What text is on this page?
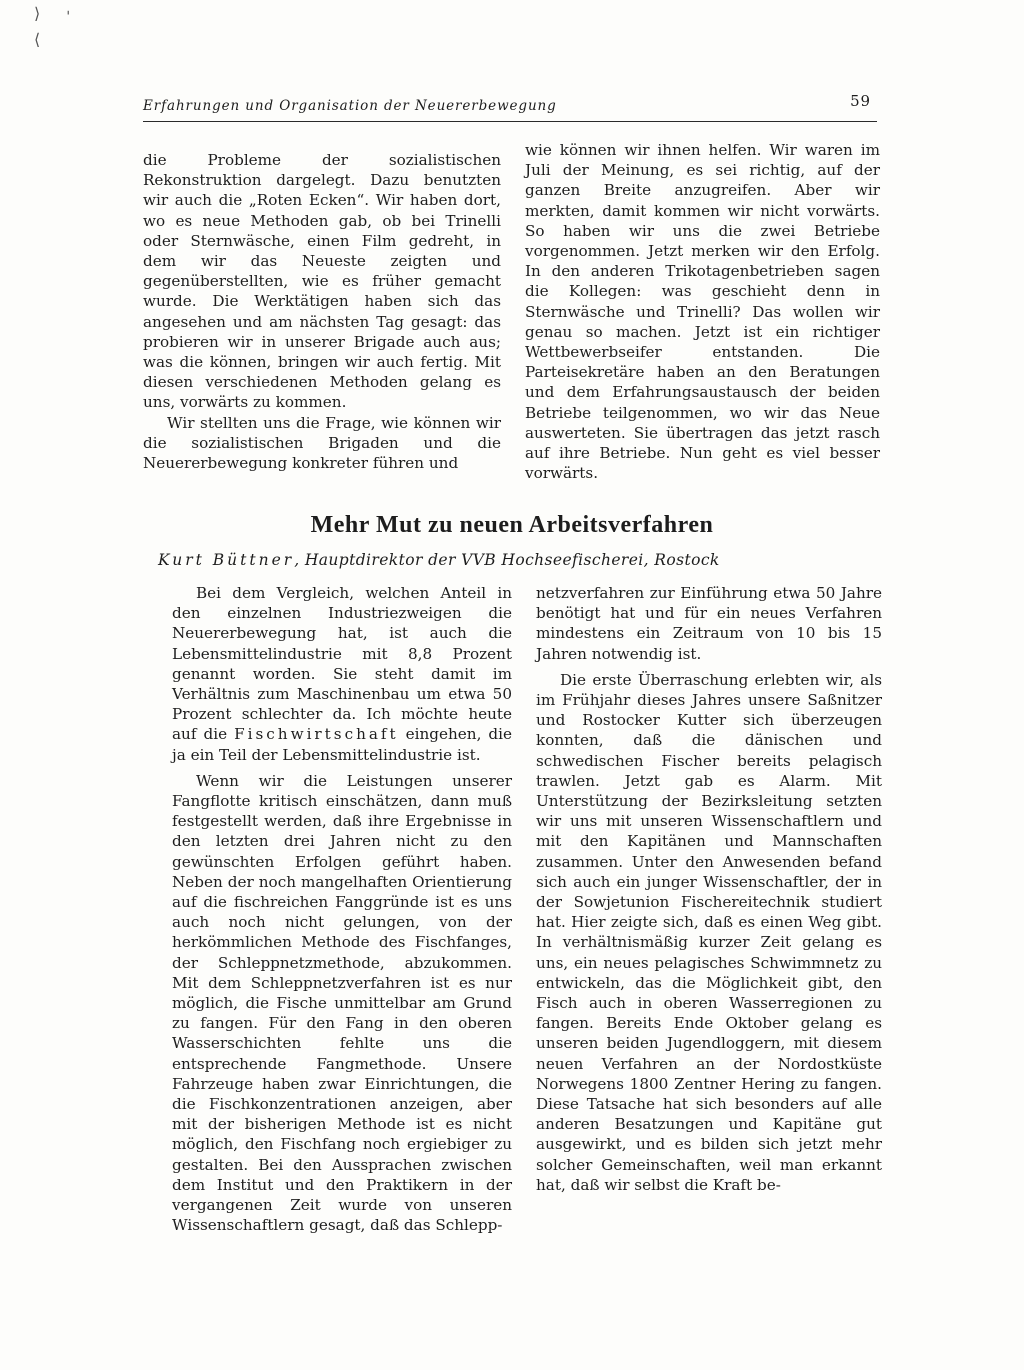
⟩ ˈ
⟨
Erfahrungen und Organisation der Neuererbewegung	59

die Probleme der sozialistischen Rekonstruktion dargelegt. Dazu benutzten wir auch die „Roten Ecken“. Wir haben dort, wo es neue Methoden gab, ob bei Trinelli oder Sternwäsche, einen Film gedreht, in dem wir das Neueste zeigten und gegenüberstellten, wie es früher gemacht wurde. Die Werktätigen haben sich das angesehen und am nächsten Tag gesagt: das probieren wir in unserer Brigade auch aus; was die können, bringen wir auch fertig. Mit diesen verschiedenen Methoden gelang es uns, vorwärts zu kommen.

Wir stellten uns die Frage, wie können wir die sozialistischen Brigaden und die Neuererbewegung konkreter führen und

wie können wir ihnen helfen. Wir waren im Juli der Meinung, es sei richtig, auf der ganzen Breite anzugreifen. Aber wir merkten, damit kommen wir nicht vorwärts. So haben wir uns die zwei Betriebe vorgenommen. Jetzt merken wir den Erfolg. In den anderen Trikotagenbetrieben sagen die Kollegen: was geschieht denn in Sternwäsche und Trinelli? Das wollen wir genau so machen. Jetzt ist ein richtiger Wettbewerbseifer entstanden. Die Parteisekretäre haben an den Beratungen und dem Erfahrungsaustausch der beiden Betriebe teilgenommen, wo wir das Neue auswerteten. Sie übertragen das jetzt rasch auf ihre Betriebe. Nun geht es viel besser vorwärts.

Mehr Mut zu neuen Arbeitsverfahren
Kurt Büttner, Hauptdirektor der VVB Hochseefischerei, Rostock

Bei dem Vergleich, welchen Anteil in den einzelnen Industriezweigen die Neuererbewegung hat, ist auch die Lebensmittelindustrie mit 8,8 Prozent genannt worden. Sie steht damit im Verhältnis zum Maschinenbau um etwa 50 Prozent schlechter da. Ich möchte heute auf die Fischwirtschaft eingehen, die ja ein Teil der Lebensmittelindustrie ist.

Wenn wir die Leistungen unserer Fangflotte kritisch einschätzen, dann muß festgestellt werden, daß ihre Ergebnisse in den letzten drei Jahren nicht zu den gewünschten Erfolgen geführt haben. Neben der noch mangelhaften Orientierung auf die fischreichen Fanggründe ist es uns auch noch nicht gelungen, von der herkömmlichen Methode des Fischfanges, der Schleppnetzmethode, abzukommen. Mit dem Schleppnetzverfahren ist es nur möglich, die Fische unmittelbar am Grund zu fangen. Für den Fang in den oberen Wasserschichten fehlte uns die entsprechende Fangmethode. Unsere Fahrzeuge haben zwar Einrichtungen, die die Fischkonzentrationen anzeigen, aber mit der bisherigen Methode ist es nicht möglich, den Fischfang noch ergiebiger zu gestalten. Bei den Aussprachen zwischen dem Institut und den Praktikern in der vergangenen Zeit wurde von unseren Wissenschaftlern gesagt, daß das Schlepp-

netzverfahren zur Einführung etwa 50 Jahre benötigt hat und für ein neues Verfahren mindestens ein Zeitraum von 10 bis 15 Jahren notwendig ist.

Die erste Überraschung erlebten wir, als im Frühjahr dieses Jahres unsere Saßnitzer und Rostocker Kutter sich überzeugen konnten, daß die dänischen und schwedischen Fischer bereits pelagisch trawlen. Jetzt gab es Alarm. Mit Unterstützung der Bezirksleitung setzten wir uns mit unseren Wissenschaftlern und mit den Kapitänen und Mannschaften zusammen. Unter den Anwesenden befand sich auch ein junger Wissenschaftler, der in der Sowjetunion Fischereitechnik studiert hat. Hier zeigte sich, daß es einen Weg gibt. In verhältnismäßig kurzer Zeit gelang es uns, ein neues pelagisches Schwimmnetz zu entwickeln, das die Möglichkeit gibt, den Fisch auch in oberen Wasserregionen zu fangen. Bereits Ende Oktober gelang es unseren beiden Jugendloggern, mit diesem neuen Verfahren an der Nordostküste Norwegens 1800 Zentner Hering zu fangen. Diese Tatsache hat sich besonders auf alle anderen Besatzungen und Kapitäne gut ausgewirkt, und es bilden sich jetzt mehr solcher Gemeinschaften, weil man erkannt hat, daß wir selbst die Kraft be-
